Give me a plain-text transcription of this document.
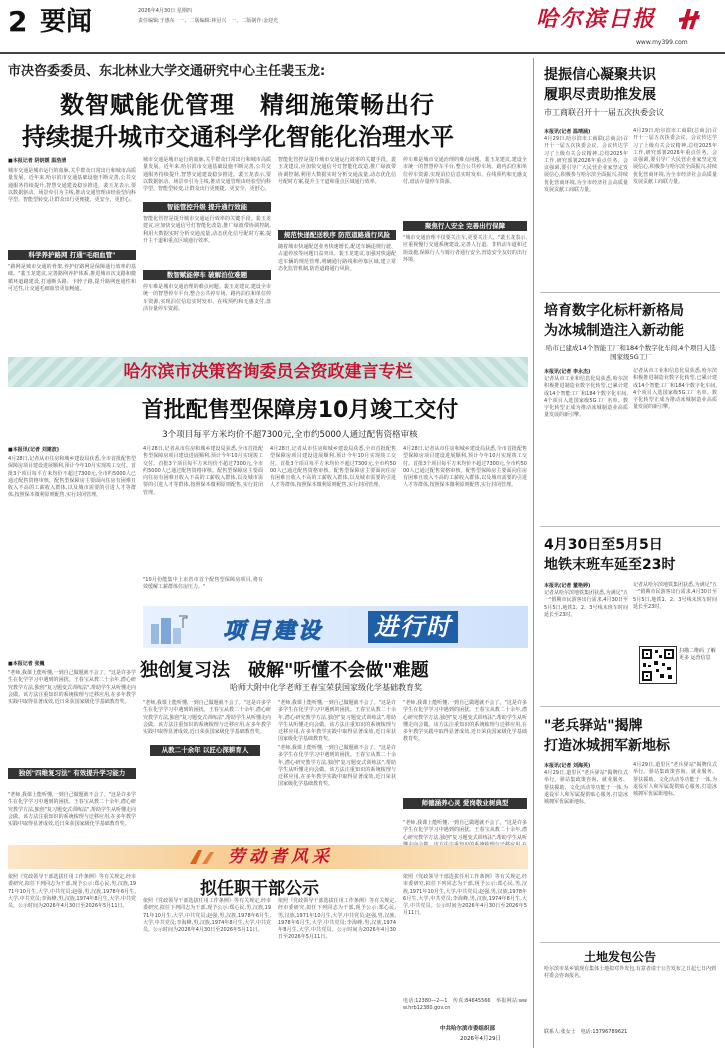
2 要闻	2026年4月30日 星期四
责任编辑:于惠东　一、二版编辑:林冠兴　一、二版制作:金迎光	哈尔滨日报
www.my399.com
市决咨委委员、东北林业大学交通研究中心主任裴玉龙:
数智赋能优管理　精细施策畅出行
持续提升城市交通科学化智能化治理水平
■本报记者 阴钥媛 温浩清
城市交通是城市运行的血脉,关乎群众日常出行和城市高质量发展。近年来,哈尔滨市交通基础设施不断完善,公共交通服务持续提升,智慧交通建设稳步推进。裴玉龙表示,要以数据驱动、场景牵引为主线,推动交通管理由经验型向科学型、智能型转变,让群众出行更便捷、更安全、更舒心。
科学养护路网 打通"毛细血管"
"路网是城市交通的骨架,养护好路网是保障通行效率的基础。"裴玉龙建议,完善路网养护体系,推进城市次支路和微循环道路建设,打通断头路、卡脖子路,提升路网连通性和可达性,让交通毛细血管更加畅通。
城市交通是城市运行的血脉,关乎群众日常出行和城市高质量发展。近年来,哈尔滨市交通基础设施不断完善,公共交通服务持续提升,智慧交通建设稳步推进。裴玉龙表示,要以数据驱动、场景牵引为主线,推动交通管理由经验型向科学型、智能型转变,让群众出行更便捷、更安全、更舒心。
智能管控升级 提升通行效能
智能化管控是提升城市交通运行效率的关键手段。裴玉龙建议,应加快交通信号灯智能化改造,推广绿波带协调控制,利用大数据实时分析交通流量,动态优化信号配时方案,提升主干道和重点区域通行效率。
数智赋能停车 破解泊位难题
停车难是城市交通治理的难点问题。裴玉龙建议,建设全市统一的智慧停车平台,整合公共停车场、路内泊位和单位停车资源,实现泊位信息实时发布、在线预约和无感支付,盘活存量停车资源。
智能化管控是提升城市交通运行效率的关键手段。裴玉龙建议,应加快交通信号灯智能化改造,推广绿波带协调控制,利用大数据实时分析交通流量,动态优化信号配时方案,提升主干道和重点区域通行效率。
规范快递配送秩序 防范道路通行风险
随着城市快递配送业务快速增长,配送车辆违规行驶、占道停放等问题日益突出。裴玉龙建议,加强对快递配送车辆的规范管理,明确通行路线和停靠区域,建立常态化监管机制,防范道路通行风险。
停车难是城市交通治理的难点问题。裴玉龙建议,建设全市统一的智慧停车平台,整合公共停车场、路内泊位和单位停车资源,实现泊位信息实时发布、在线预约和无感支付,盘活存量停车资源。
聚焦行人安全 完善出行保障
"城市交通治理不仅要关注车,更要关注人。"裴玉龙表示,应重视慢行交通系统建设,完善人行道、非机动车道和过街设施,保障行人与骑行者通行安全,营造安全友好的出行环境。
哈尔滨市决策咨询委员会资政建言专栏
首批配售型保障房10月竣工交付
3个项目每平方米均价不超7300元,全市约5000人通过配售资格审核
■本报讯(记者 刘建波)
4月28日,记者从市住房和城乡建设局获悉,全市首批配售型保障房项目建设进展顺利,预计今年10月实现竣工交付。首批3个项目每平方米均价不超过7300元,全市约5000人已通过配售资格审核。配售型保障房主要面向住房有困难且收入不高的工薪收入群体,以及城市需要的引进人才等群体,按照保本微利原则配售,实行封闭管理。
4月28日,记者从市住房和城乡建设局获悉,全市首批配售型保障房项目建设进展顺利,预计今年10月实现竣工交付。首批3个项目每平方米均价不超过7300元,全市约5000人已通过配售资格审核。配售型保障房主要面向住房有困难且收入不高的工薪收入群体,以及城市需要的引进人才等群体,按照保本微利原则配售,实行封闭管理。
"10月份能集中上市省市首个配售型保障房项目,将有效缓解工薪群体住房压力。"
4月28日,记者从市住房和城乡建设局获悉,全市首批配售型保障房项目建设进展顺利,预计今年10月实现竣工交付。首批3个项目每平方米均价不超过7300元,全市约5000人已通过配售资格审核。配售型保障房主要面向住房有困难且收入不高的工薪收入群体,以及城市需要的引进人才等群体,按照保本微利原则配售,实行封闭管理。
4月28日,记者从市住房和城乡建设局获悉,全市首批配售型保障房项目建设进展顺利,预计今年10月实现竣工交付。首批3个项目每平方米均价不超过7300元,全市约5000人已通过配售资格审核。配售型保障房主要面向住房有困难且收入不高的工薪收入群体,以及城市需要的引进人才等群体,按照保本微利原则配售,实行封闭管理。
项目建设 进行时
独创复习法　破解"听懂不会做"难题
哈师大附中化学老师王春宝荣获国家级化学基础教育奖
■本报记者 张巍
"老师,我课上能听懂,一到自己做题就不会了。"这是许多学生在化学学习中遇到的困扰。王春宝从教二十余年,潜心研究教学方法,独创"复习题变式训练法",帮助学生从听懂走向会做。该方法注重知识的系统梳理与迁移应用,在多年教学实践中取得显著成效,近日荣获国家级化学基础教育奖。
独创"四维复习法" 有效提升学习能力
"老师,我课上能听懂,一到自己做题就不会了。"这是许多学生在化学学习中遇到的困扰。王春宝从教二十余年,潜心研究教学方法,独创"复习题变式训练法",帮助学生从听懂走向会做。该方法注重知识的系统梳理与迁移应用,在多年教学实践中取得显著成效,近日荣获国家级化学基础教育奖。
"老师,我课上能听懂,一到自己做题就不会了。"这是许多学生在化学学习中遇到的困扰。王春宝从教二十余年,潜心研究教学方法,独创"复习题变式训练法",帮助学生从听懂走向会做。该方法注重知识的系统梳理与迁移应用,在多年教学实践中取得显著成效,近日荣获国家级化学基础教育奖。
"老师,我课上能听懂,一到自己做题就不会了。"这是许多学生在化学学习中遇到的困扰。王春宝从教二十余年,潜心研究教学方法,独创"复习题变式训练法",帮助学生从听懂走向会做。该方法注重知识的系统梳理与迁移应用,在多年教学实践中取得显著成效,近日荣获国家级化学基础教育奖。
从教二十余年 以匠心深耕育人	"老师,我课上能听懂,一到自己做题就不会了。"这是许多学生在化学学习中遇到的困扰。王春宝从教二十余年,潜心研究教学方法,独创"复习题变式训练法",帮助学生从听懂走向会做。该方法注重知识的系统梳理与迁移应用,在多年教学实践中取得显著成效,近日荣获国家级化学基础教育奖。
"老师,我课上能听懂,一到自己做题就不会了。"这是许多学生在化学学习中遇到的困扰。王春宝从教二十余年,潜心研究教学方法,独创"复习题变式训练法",帮助学生从听懂走向会做。该方法注重知识的系统梳理与迁移应用,在多年教学实践中取得显著成效,近日荣获国家级化学基础教育奖。
师德涵养心灵 爱岗敬业树典型
"老师,我课上能听懂,一到自己做题就不会了。"这是许多学生在化学学习中遇到的困扰。王春宝从教二十余年,潜心研究教学方法,独创"复习题变式训练法",帮助学生从听
劳动者风采
拟任职干部公示
依照《党政领导干部选拔任用工作条例》等有关规定,经市委研究,拟任下列同志为干部,现予公示:郑心民,男,汉族,1971年10月生,大学,中共党员;赵强,男,汉族,1978年6月生,大学,中共党员;李海峰,男,汉族,1974年8月生,大学,中共党员。公示时间为2026年4月30日至2026年5月11日。
依照《党政领导干部选拔任用工作条例》等有关规定,经市委研究,拟任下列同志为干部,现予公示:郑心民,男,汉族,1971年10月生,大学,中共党员;赵强,男,汉族,1978年6月生,大学,中共党员;李海峰,男,汉族,1974年8月生,大学,中共党员。公示时间为2026年4月30日至2026年5月11日。
依照《党政领导干部选拔任用工作条例》等有关规定,经市委研究,拟任下列同志为干部,现予公示:郑心民,男,汉族,1971年10月生,大学,中共党员;赵强,男,汉族,1978年6月生,大学,中共党员;李海峰,男,汉族,1974年8月生,大学,中共党员。公示时间为2026年4月30日至2026年5月11日。
依照《党政领导干部选拔任用工作条例》等有关规定,经市委研究,拟任下列同志为干部,现予公示:郑心民,男,汉族,1971年10月生,大学,中共党员;赵强,男,汉族,1978年6月生,大学,中共党员;李海峰,男,汉族,1974年8月生,大学,中共党员。公示时间为2026年4月30日至2026年5月11日。
电话:12380—2—1　传真:84645566　举报网站:www.hrb12380.gov.cn
中共哈尔滨市委组织部
2026年4月29日
提振信心凝聚共识
履职尽责助推发展
市工商联召开十一届五次执委会议
本报讯(记者 温靖涵)
4月29日,哈尔滨市工商联(总商会)召开十一届五次执委会议。会议传达学习了上级有关会议精神,总结2025年工作,研究部署2026年重点任务。会议强调,要引导广大民营企业家坚定发展信心,积极参与哈尔滨全面振兴,持续优化营商环境,为全市经济社会高质量发展贡献工商联力量。
4月29日,哈尔滨市工商联(总商会)召开十一届五次执委会议。会议传达学习了上级有关会议精神,总结2025年工作,研究部署2026年重点任务。会议强调,要引导广大民营企业家坚定发展信心,积极参与哈尔滨全面振兴,持续优化营商环境,为全市经济社会高质量发展贡献工商联力量。
培育数字化标杆新格局
为冰城制造注入新动能
哈市已建成14个智能工厂和184个数字化车间,4个项目入选国家级5G工厂
本报讯(记者 李永杰)
记者从市工业和信息化局获悉,哈尔滨积极推进制造业数字化转型,已累计建成14个智能工厂和184个数字化车间,4个项目入选国家级5G工厂名单。数字化转型正成为推动冰城制造业高质量发展的新引擎。
记者从市工业和信息化局获悉,哈尔滨积极推进制造业数字化转型,已累计建成14个智能工厂和184个数字化车间,4个项目入选国家级5G工厂名单。数字化转型正成为推动冰城制造业高质量发展的新引擎。
4月30日至5月5日
地铁末班车延至23时
本报讯(记者 董艳婷)
记者从哈尔滨地铁集团获悉,为满足"五一"假期市民游客出行需求,4月30日至5月5日,地铁1、2、3号线末班车时间延长至23时。
记者从哈尔滨地铁集团获悉,为满足"五一"假期市民游客出行需求,4月30日至5月5日,地铁1、2、3号线末班车时间延长至23时。
扫描二维码 了解更多 运营信息
"老兵驿站"揭牌
打造冰城拥军新地标
本报讯(记者 刘海英)
4月29日,道里区"老兵驿站"揭牌仪式举行。驿站集政策咨询、就业服务、帮扶援助、文化活动等功能于一体,为退役军人和军属提供贴心服务,打造冰城拥军优属新地标。
4月29日,道里区"老兵驿站"揭牌仪式举行。驿站集政策咨询、就业服务、帮扶援助、文化活动等功能于一体,为退役军人和军属提供贴心服务,打造冰城拥军优属新地标。
土地发包公告
哈尔滨市某乡镇现有集体土地拟对外发包,有意者请于公告发布之日起七日内到村委会咨询报名。
联系人:张女士　电话:13796789621
